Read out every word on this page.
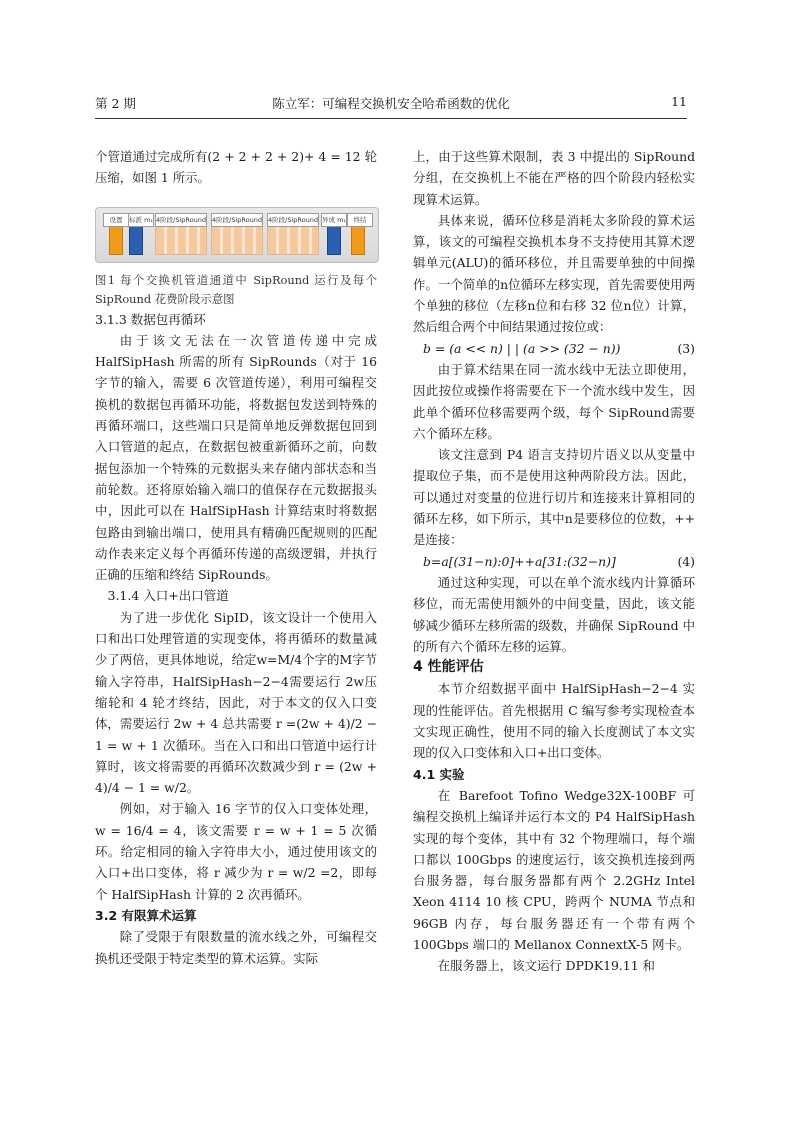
第 2 期	陈立军：可编程交换机安全哈希函数的优化	11

个管道通过完成所有(2 + 2 + 2 + 2)+ 4 = 12 轮压缩，如图 1 所示。

设置	标派 m₁ 4阶段/SipRound 4阶段/SipRound 4阶段/SipRound 异或 m₁	终结

图1 每个交换机管道通道中 SipRound 运行及每个 SipRound 花费阶段示意图

3.1.3 数据包再循环

由于该文无法在一次管道传递中完成 HalfSipHash 所需的所有 SipRounds（对于 16 字节的输入，需要 6 次管道传递），利用可编程交换机的数据包再循环功能，将数据包发送到特殊的再循环端口，这些端口只是简单地反弹数据包回到入口管道的起点，在数据包被重新循环之前，向数据包添加一个特殊的元数据头来存储内部状态和当前轮数。还将原始输入端口的值保存在元数据报头中，因此可以在 HalfSipHash 计算结束时将数据包路由到输出端口，使用具有精确匹配规则的匹配动作表来定义每个再循环传递的高级逻辑，并执行正确的压缩和终结 SipRounds。

3.1.4 入口+出口管道

为了进一步优化 SipID，该文设计一个使用入口和出口处理管道的实现变体，将再循环的数量减少了两倍，更具体地说，给定w=M/4个字的M字节输入字符串，HalfSipHash−2−4需要运行 2w压缩轮和 4 轮才终结，因此，对于本文的仅入口变体，需要运行 2w + 4 总共需要 r =(2w + 4)/2 − 1 = w + 1 次循环。当在入口和出口管道中运行计算时，该文将需要的再循环次数减少到 r = (2w + 4)/4 − 1 = w/2。

例如，对于输入 16 字节的仅入口变体处理，w = 16/4 = 4，该文需要 r = w + 1 = 5 次循环。给定相同的输入字符串大小，通过使用该文的入口+出口变体，将 r 减少为 r = w/2 =2，即每个 HalfSipHash 计算的 2 次再循环。

3.2 有限算术运算

除了受限于有限数量的流水线之外，可编程交换机还受限于特定类型的算术运算。实际

上，由于这些算术限制，表 3 中提出的 SipRound 分组，在交换机上不能在严格的四个阶段内轻松实现算术运算。

具体来说，循环位移是消耗太多阶段的算术运算，该文的可编程交换机本身不支持使用其算术逻辑单元(ALU)的循环移位，并且需要单独的中间操作。一个简单的n位循环左移实现，首先需要使用两个单独的移位（左移n位和右移 32 位n位）计算，然后组合两个中间结果通过按位或：

b = (a << n) | | (a >> (32 − n))	(3)

由于算术结果在同一流水线中无法立即使用，因此按位或操作将需要在下一个流水线中发生，因此单个循环位移需要两个级，每个 SipRound需要六个循环左移。

该文注意到 P4 语言支持切片语义以从变量中提取位子集，而不是使用这种两阶段方法。因此，可以通过对变量的位进行切片和连接来计算相同的循环左移，如下所示，其中n是要移位的位数，++ 是连接：

b=a[(31−n):0]++a[31:(32−n)]	(4)

通过这种实现，可以在单个流水线内计算循环移位，而无需使用额外的中间变量，因此，该文能够减少循环左移所需的级数，并确保 SipRound 中的所有六个循环左移的运算。

4 性能评估

本节介绍数据平面中 HalfSipHash−2−4 实现的性能评估。首先根据用 C 编写参考实现检查本文实现正确性，使用不同的输入长度测试了本文实现的仅入口变体和入口+出口变体。

4.1 实验

在 Barefoot Tofino Wedge32X-100BF 可编程交换机上编译并运行本文的 P4 HalfSipHash 实现的每个变体，其中有 32 个物理端口，每个端口都以 100Gbps 的速度运行，该交换机连接到两台服务器，每台服务器都有两个 2.2GHz Intel Xeon 4114 10 核 CPU，跨两个 NUMA 节点和 96GB 内存，每台服务器还有一个带有两个 100Gbps 端口的 Mellanox ConnextX-5 网卡。

在服务器上，该文运行 DPDK19.11 和
